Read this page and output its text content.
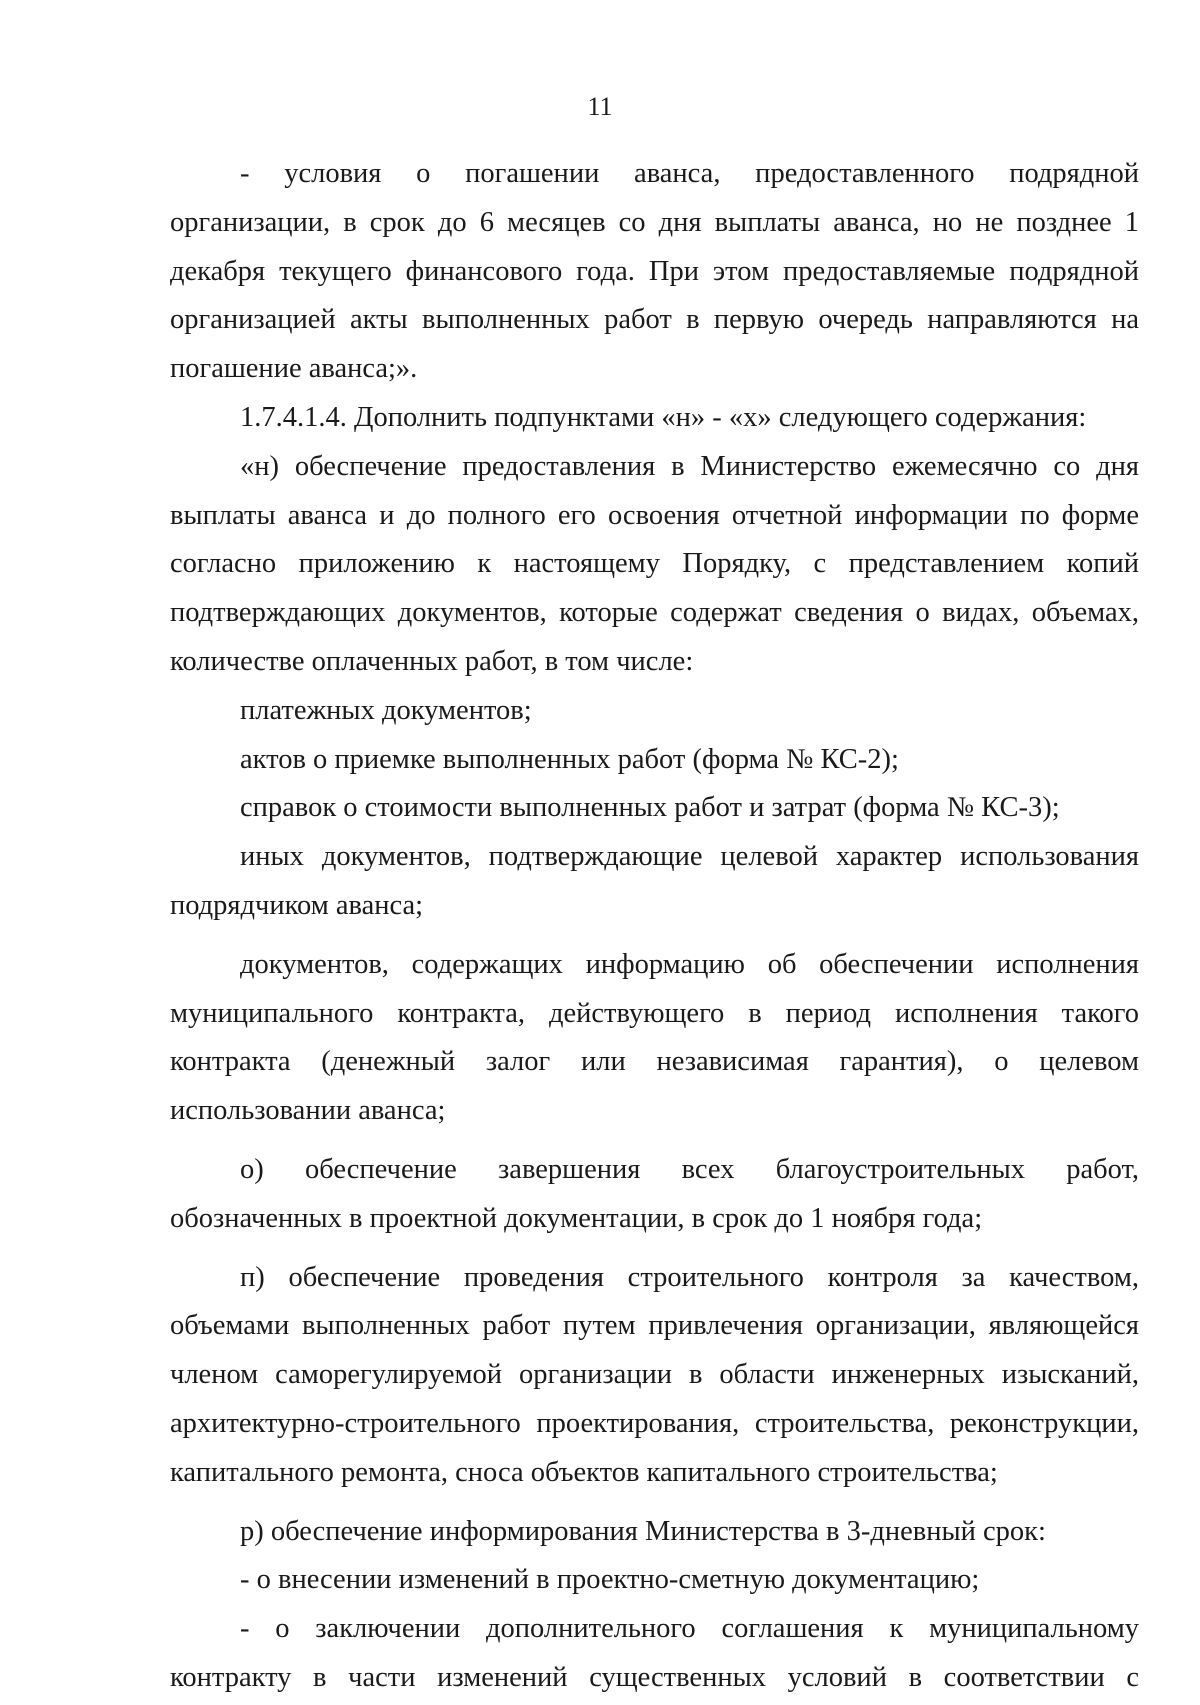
11

- условия о погашении аванса, предоставленного подрядной организации, в срок до 6 месяцев со дня выплаты аванса, но не позднее 1 декабря текущего финансового года. При этом предоставляемые подрядной организацией акты выполненных работ в первую очередь направляются на погашение аванса;».

1.7.4.1.4. Дополнить подпунктами «н» - «х» следующего содержания:

«н) обеспечение предоставления в Министерство ежемесячно со дня выплаты аванса и до полного его освоения отчетной информации по форме согласно приложению к настоящему Порядку, с представлением копий подтверждающих документов, которые содержат сведения о видах, объемах, количестве оплаченных работ, в том числе:

платежных документов;

актов о приемке выполненных работ (форма № КС-2);

справок о стоимости выполненных работ и затрат (форма № КС-3);

иных документов, подтверждающие целевой характер использования подрядчиком аванса;

документов, содержащих информацию об обеспечении исполнения муниципального контракта, действующего в период исполнения такого контракта (денежный залог или независимая гарантия), о целевом использовании аванса;

о) обеспечение завершения всех благоустроительных работ, обозначенных в проектной документации, в срок до 1 ноября года;

п) обеспечение проведения строительного контроля за качеством, объемами выполненных работ путем привлечения организации, являющейся членом саморегулируемой организации в области инженерных изысканий, архитектурно-строительного проектирования, строительства, реконструкции, капитального ремонта, сноса объектов капитального строительства;

р) обеспечение информирования Министерства в 3-дневный срок:

- о внесении изменений в проектно-сметную документацию;

- о заключении дополнительного соглашения к муниципальному контракту в части изменений существенных условий в соответствии с
